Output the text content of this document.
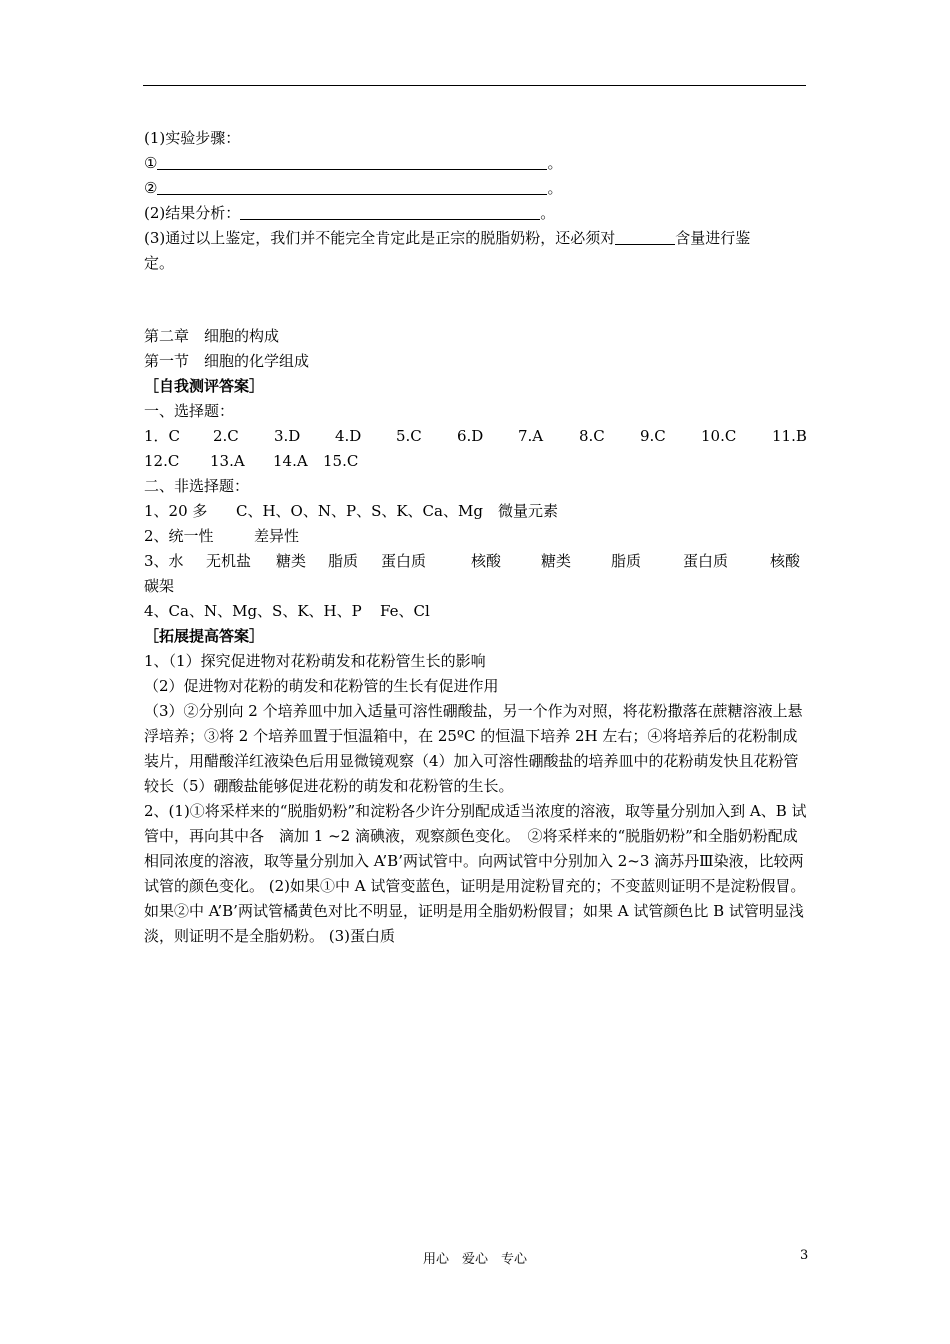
(1)实验步骤：
①	。
②	。
(2)结果分析：	。
(3)通过以上鉴定，我们并不能完全肯定此是正宗的脱脂奶粉，还必须对	含量进行鉴
定。
第二章　细胞的构成
第一节　细胞的化学组成
［自我测评答案］
一、选择题：
1．C	2.C	3.D	4.D	5.C	6.D	7.A	8.C	9.C	10.C	11.B
12.C	13.A	14.A	15.C
二、非选择题：
1、20 多	C、H、O、N、P、S、K、Ca、Mg	微量元素
2、统一性	差异性
3、水	无机盐	糖类	脂质	蛋白质	核酸	糖类	脂质	蛋白质	核酸
碳架
4、Ca、N、Mg、S、K、H、P	Fe、Cl
［拓展提高答案］
1、（1）探究促进物对花粉萌发和花粉管生长的影响
（2）促进物对花粉的萌发和花粉管的生长有促进作用
（3）②分别向 2 个培养皿中加入适量可溶性硼酸盐，另一个作为对照，将花粉撒落在蔗糖溶液上悬浮培养；③将 2 个培养皿置于恒温箱中，在 25ºC 的恒温下培养 2H 左右；④将培养后的花粉制成装片，用醋酸洋红液染色后用显微镜观察（4）加入可溶性硼酸盐的培养皿中的花粉萌发快且花粉管较长（5）硼酸盐能够促进花粉的萌发和花粉管的生长。
2、(1)①将采样来的“脱脂奶粉”和淀粉各少许分别配成适当浓度的溶液，取等量分别加入到 A、B 试管中，再向其中各　滴加 1 ~2 滴碘液，观察颜色变化。　②将采样来的“脱脂奶粉”和全脂奶粉配成相同浓度的溶液，取等量分别加入 A’B’两试管中。向两试管中分别加入 2~3 滴苏丹Ⅲ染液，比较两试管的颜色变化。 (2)如果①中 A 试管变蓝色，证明是用淀粉冒充的；不变蓝则证明不是淀粉假冒。　如果②中 A’B’两试管橘黄色对比不明显，证明是用全脂奶粉假冒；如果 A 试管颜色比 B 试管明显浅淡，则证明不是全脂奶粉。 (3)蛋白质
用心　爱心　专心	3
